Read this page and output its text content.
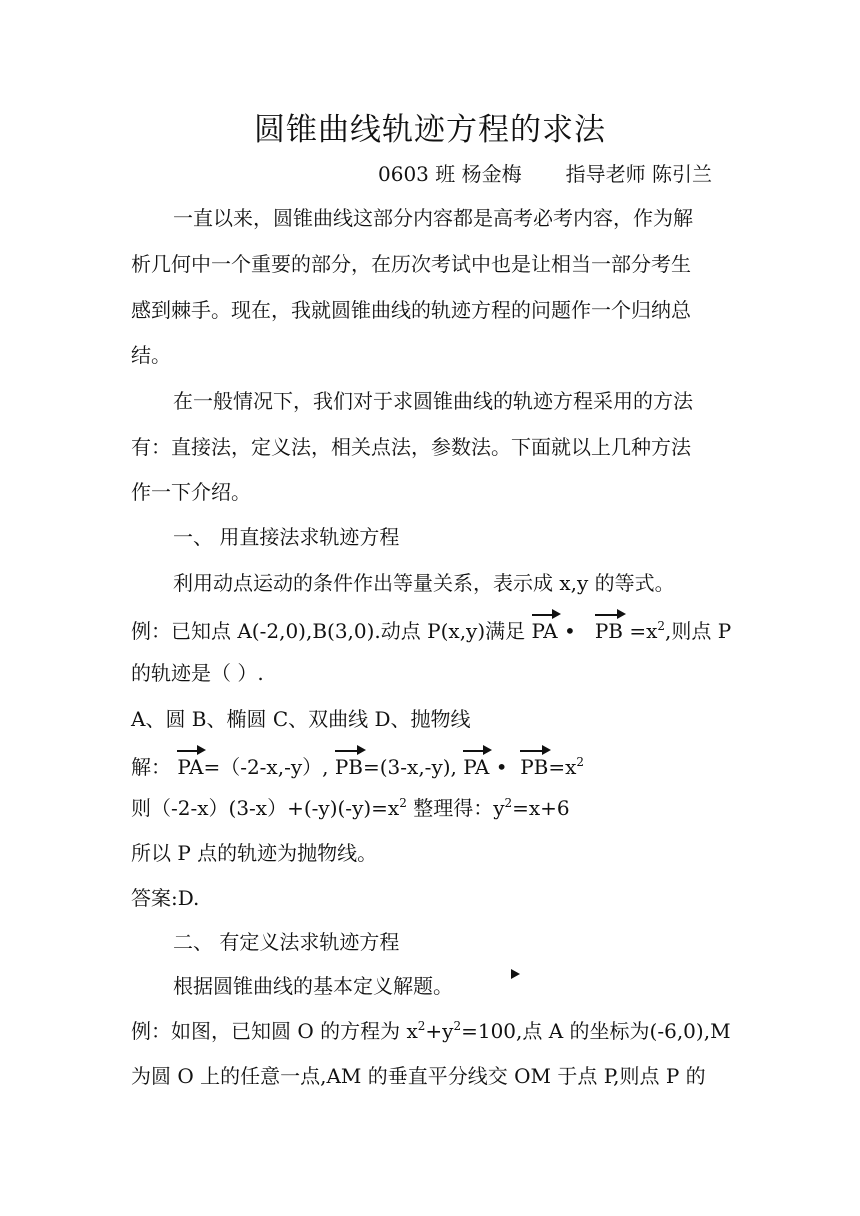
圆锥曲线轨迹方程的求法
0603 班 杨金梅 指导老师 陈引兰
一直以来，圆锥曲线这部分内容都是高考必考内容，作为解
析几何中一个重要的部分，在历次考试中也是让相当一部分考生
感到棘手。现在，我就圆锥曲线的轨迹方程的问题作一个归纳总
结。
在一般情况下，我们对于求圆锥曲线的轨迹方程采用的方法
有：直接法，定义法，相关点法，参数法。下面就以上几种方法
作一下介绍。
一、 用直接法求轨迹方程
利用动点运动的条件作出等量关系，表示成 x,y 的等式。
例：已知点 A(-2,0),B(3,0).动点 P(x,y)满足 PA •   PB $=x^2$,则点 P
的轨迹是（ ）.
A、圆 B、椭圆 C、双曲线 D、抛物线
解： PA=（-2-x,-y）, PB=(3-x,-y), PA •  $PB=x^2$
则$(-2-x)(3-x)+(-y)(-y)=x^2$ 整理得：$y^2=x+6$
所以 P 点的轨迹为抛物线。
答案:D.
二、 有定义法求轨迹方程
根据圆锥曲线的基本定义解题。
例：如图，已知圆 O 的方程为 $x^2+y^2=100$,点 A 的坐标为(-6,0),M
为圆 O 上的任意一点,AM 的垂直平分线交 OM 于点 P,则点 P 的
